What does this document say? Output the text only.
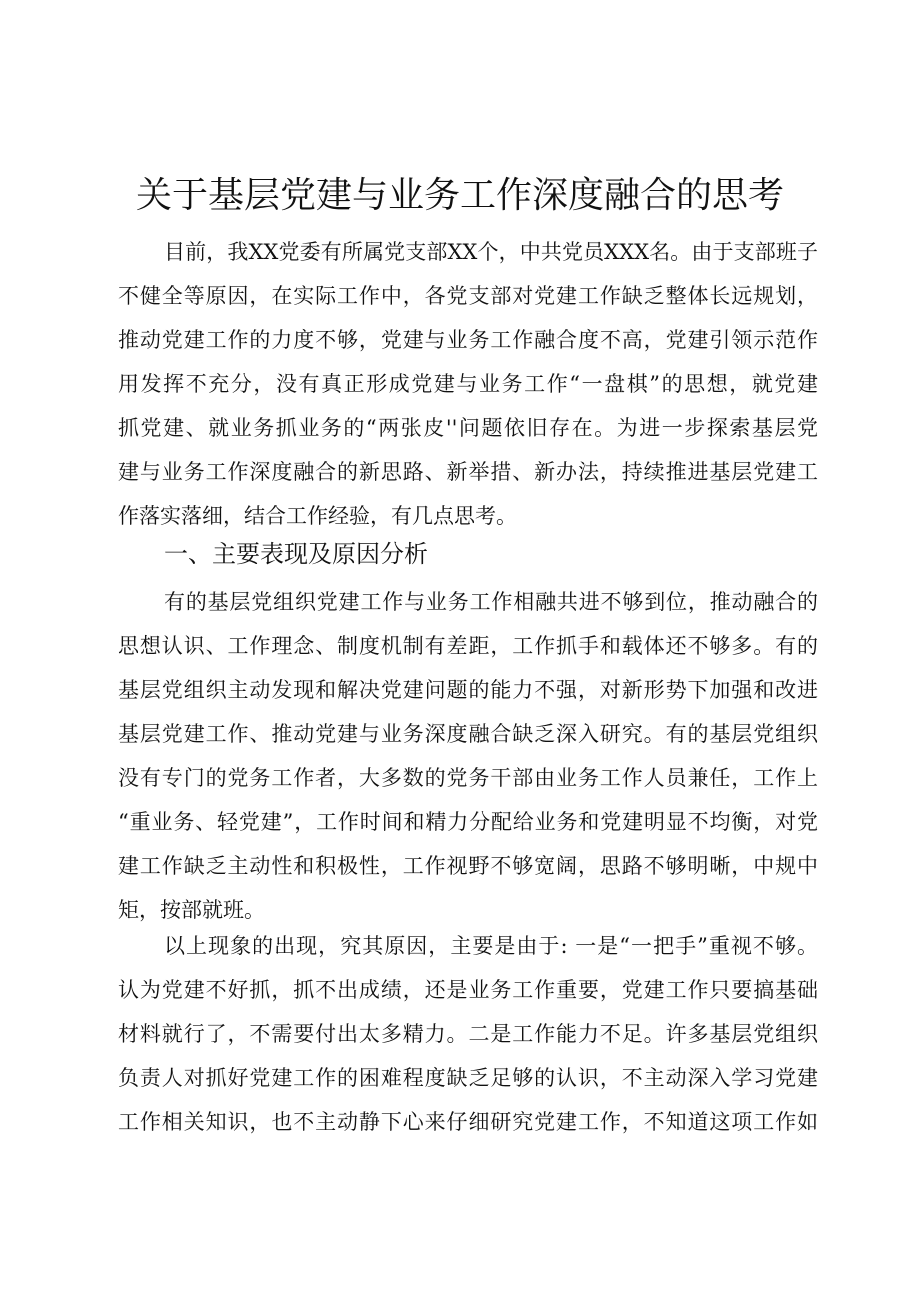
关于基层党建与业务工作深度融合的思考
目前，我XX党委有所属党支部XX个，中共党员XXX名。由于支部班子
不健全等原因，在实际工作中，各党支部对党建工作缺乏整体长远规划，
推动党建工作的力度不够，党建与业务工作融合度不高，党建引领示范作
用发挥不充分，没有真正形成党建与业务工作“一盘棋”的思想，就党建
抓党建、就业务抓业务的“两张皮''问题依旧存在。为进一步探索基层党
建与业务工作深度融合的新思路、新举措、新办法，持续推进基层党建工
作落实落细，结合工作经验，有几点思考。
一、主要表现及原因分析
有的基层党组织党建工作与业务工作相融共进不够到位，推动融合的
思想认识、工作理念、制度机制有差距，工作抓手和载体还不够多。有的
基层党组织主动发现和解决党建问题的能力不强，对新形势下加强和改进
基层党建工作、推动党建与业务深度融合缺乏深入研究。有的基层党组织
没有专门的党务工作者，大多数的党务干部由业务工作人员兼任，工作上
“重业务、轻党建”，工作时间和精力分配给业务和党建明显不均衡，对党
建工作缺乏主动性和积极性，工作视野不够宽阔，思路不够明晰，中规中
矩，按部就班。
以上现象的出现，究其原因，主要是由于: 一是“一把手”重视不够。
认为党建不好抓，抓不出成绩，还是业务工作重要，党建工作只要搞基础
材料就行了，不需要付出太多精力。二是工作能力不足。许多基层党组织
负责人对抓好党建工作的困难程度缺乏足够的认识，不主动深入学习党建
工作相关知识，也不主动静下心来仔细研究党建工作，不知道这项工作如
